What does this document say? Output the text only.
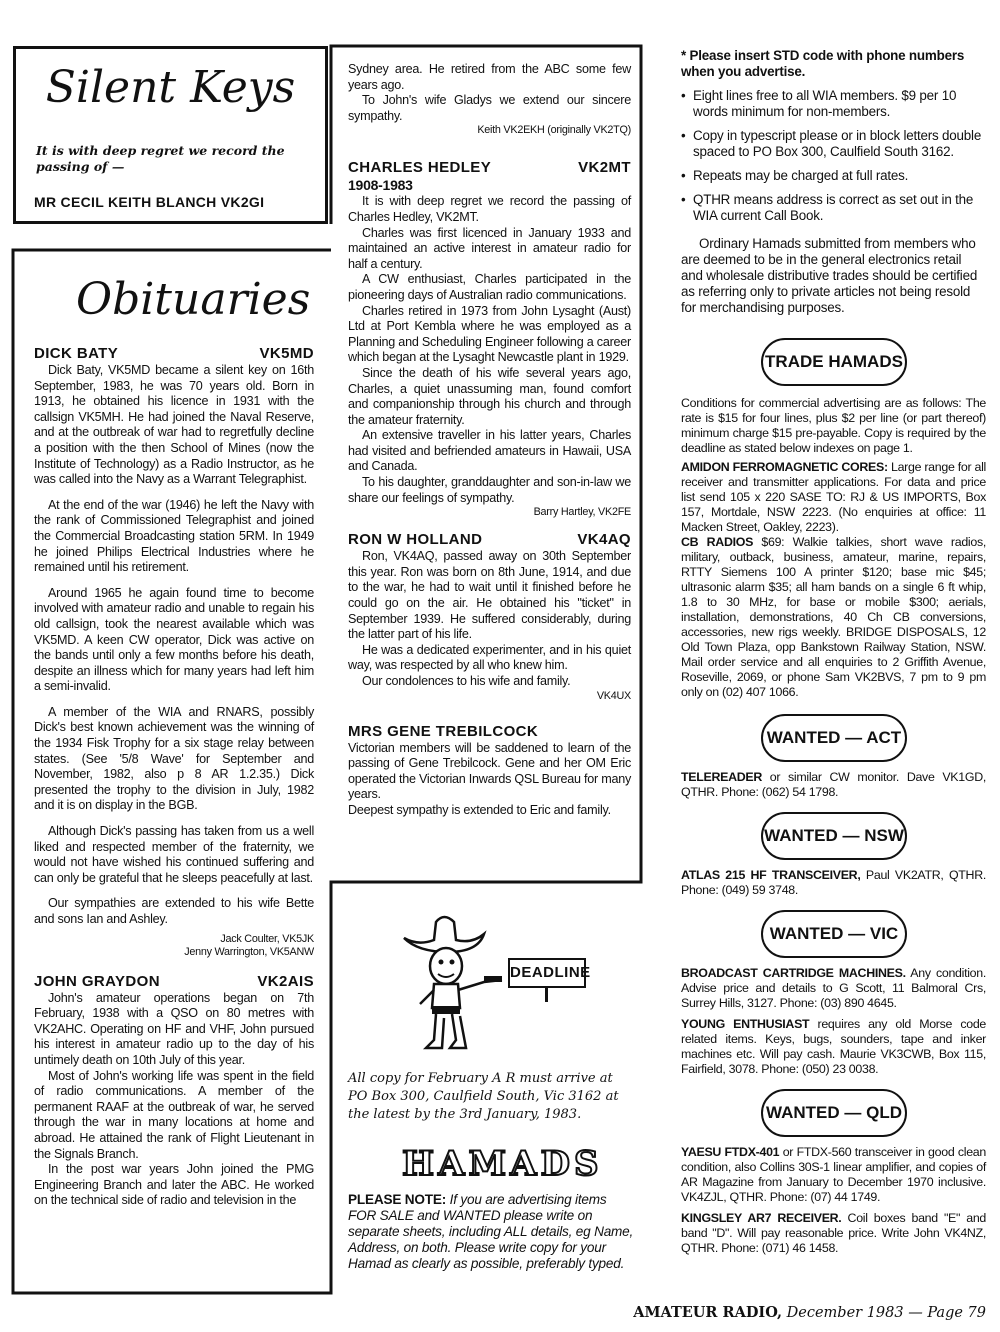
Silent Keys
It is with deep regret we record the passing of —
MR CECIL KEITH BLANCH VK2GI
Obituaries
DICK BATY	VK5MD

Dick Baty, VK5MD became a silent key on 16th September, 1983, he was 70 years old. Born in 1913, he obtained his licence in 1931 with the callsign VK5MH. He had joined the Naval Reserve, and at the outbreak of war had to regretfully decline a position with the then School of Mines (now the Institute of Technology) as a Radio Instructor, as he was called into the Navy as a Warrant Telegraphist.

At the end of the war (1946) he left the Navy with the rank of Commissioned Telegraphist and joined the Commercial Broadcasting station 5RM. In 1949 he joined Philips Electrical Industries where he remained until his retirement.

Around 1965 he again found time to become involved with amateur radio and unable to regain his old callsign, took the nearest available which was VK5MD. A keen CW operator, Dick was active on the bands until only a few months before his death, despite an illness which for many years had left him a semi-invalid.

A member of the WIA and RNARS, possibly Dick's best known achievement was the winning of the 1934 Fisk Trophy for a six stage relay between states. (See '5/8 Wave' for September and November, 1982, also p 8 AR 1.2.35.) Dick presented the trophy to the division in July, 1982 and it is on display in the BGB.

Although Dick's passing has taken from us a well liked and respected member of the fraternity, we would not have wished his continued suffering and can only be grateful that he sleeps peacefully at last.

Our sympathies are extended to his wife Bette and sons Ian and Ashley.

Jack Coulter, VK5JK
Jenny Warrington, VK5ANW
JOHN GRAYDON	VK2AIS

John's amateur operations began on 7th February, 1938 with a QSO on 80 metres with VK2AHC. Operating on HF and VHF, John pursued his interest in amateur radio up to the day of his untimely death on 10th July of this year.

Most of John's working life was spent in the field of radio communications. A member of the permanent RAAF at the outbreak of war, he served through the war in many locations at home and abroad. He attained the rank of Flight Lieutenant in the Signals Branch.

In the post war years John joined the PMG Engineering Branch and later the ABC. He worked on the technical side of radio and television in the

Sydney area. He retired from the ABC some few years ago.

To John's wife Gladys we extend our sincere sympathy.

Keith VK2EKH (originally VK2TQ)
CHARLES HEDLEY	VK2MT
1908-1983

It is with deep regret we record the passing of Charles Hedley, VK2MT.

Charles was first licenced in January 1933 and maintained an active interest in amateur radio for half a century.

A CW enthusiast, Charles participated in the pioneering days of Australian radio communications.

Charles retired in 1973 from John Lysaght (Aust) Ltd at Port Kembla where he was employed as a Planning and Scheduling Engineer following a career which began at the Lysaght Newcastle plant in 1929.

Since the death of his wife several years ago, Charles, a quiet unassuming man, found comfort and companionship through his church and through the amateur fraternity.

An extensive traveller in his latter years, Charles had visited and befriended amateurs in Hawaii, USA and Canada.

To his daughter, granddaughter and son-in-law we share our feelings of sympathy.

Barry Hartley, VK2FE
RON W HOLLAND	VK4AQ

Ron, VK4AQ, passed away on 30th September this year. Ron was born on 8th June, 1914, and due to the war, he had to wait until it finished before he could go on the air. He obtained his "ticket" in September 1939. He suffered considerably, during the latter part of his life.

He was a dedicated experimenter, and in his quiet way, was respected by all who knew him.

Our condolences to his wife and family.

VK4UX
MRS GENE TREBILCOCK

Victorian members will be saddened to learn of the passing of Gene Trebilcock. Gene and her OM Eric operated the Victorian Inwards QSL Bureau for many years.

Deepest sympathy is extended to Eric and family.

DEADLINE
All copy for February A R must arrive at PO Box 300, Caulfield South, Vic 3162 at the latest by the 3rd January, 1983.
HAMADS
PLEASE NOTE: If you are advertising items FOR SALE and WANTED please write on separate sheets, including ALL details, eg Name, Address, on both. Please write copy for your Hamad as clearly as possible, preferably typed.
* Please insert STD code with phone numbers when you advertise.
• Eight lines free to all WIA members. $9 per 10 words minimum for non-members.
• Copy in typescript please or in block letters double spaced to PO Box 300, Caulfield South 3162.
• Repeats may be charged at full rates.
• QTHR means address is correct as set out in the WIA current Call Book.
Ordinary Hamads submitted from members who are deemed to be in the general electronics retail and wholesale distributive trades should be certified as referring only to private articles not being resold for merchandising purposes.
TRADE HAMADS
Conditions for commercial advertising are as follows: The rate is $15 for four lines, plus $2 per line (or part thereof) minimum charge $15 pre-payable. Copy is required by the deadline as stated below indexes on page 1.
AMIDON FERROMAGNETIC CORES: Large range for all receiver and transmitter applications. For data and price list send 105 x 220 SASE TO: RJ & US IMPORTS, Box 157, Mortdale, NSW 2223. (No enquiries at office: 11 Macken Street, Oakley, 2223).
CB RADIOS $69: Walkie talkies, short wave radios, military, outback, business, amateur, marine, repairs, RTTY Siemens 100 A printer $120; base mic $45; ultrasonic alarm $35; all ham bands on a single 6 ft whip, 1.8 to 30 MHz, for base or mobile $300; aerials, installation, demonstrations, 40 Ch CB conversions, accessories, new rigs weekly. BRIDGE DISPOSALS, 12 Old Town Plaza, opp Bankstown Railway Station, NSW. Mail order service and all enquiries to 2 Griffith Avenue, Roseville, 2069, or phone Sam VK2BVS, 7 pm to 9 pm only on (02) 407 1066.
WANTED — ACT
TELEREADER or similar CW monitor. Dave VK1GD, QTHR. Phone: (062) 54 1798.
WANTED — NSW
ATLAS 215 HF TRANSCEIVER, Paul VK2ATR, QTHR. Phone: (049) 59 3748.
WANTED — VIC
BROADCAST CARTRIDGE MACHINES. Any condition. Advise price and details to G Scott, 11 Balmoral Crs, Surrey Hills, 3127. Phone: (03) 890 4645.
YOUNG ENTHUSIAST requires any old Morse code related items. Keys, bugs, sounders, tape and inker machines etc. Will pay cash. Maurie VK3CWB, Box 115, Fairfield, 3078. Phone: (050) 23 0038.
WANTED — QLD
YAESU FTDX-401 or FTDX-560 transceiver in good clean condition, also Collins 30S-1 linear amplifier, and copies of AR Magazine from January to December 1970 inclusive. VK4ZJL, QTHR. Phone: (07) 44 1749.
KINGSLEY AR7 RECEIVER. Coil boxes band "E" and band "D". Will pay reasonable price. Write John VK4NZ, QTHR. Phone: (071) 46 1458.
AMATEUR RADIO, December 1983 — Page 79
